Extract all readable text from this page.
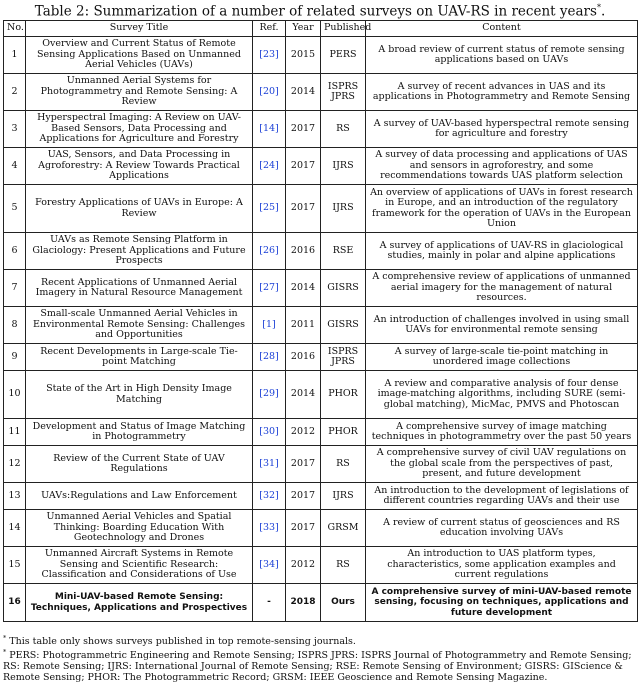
Table 2: Summarization of a number of related surveys on UAV-RS in recent years*.
No.	Survey Title	Ref.	Year	Published	Content
1	Overview and Current Status of Remote Sensing Applications Based on Unmanned Aerial Vehicles (UAVs)	[23]	2015	PERS	A broad review of current status of remote sensing applications based on UAVs
2	Unmanned Aerial Systems for Photogrammetry and Remote Sensing: A Review	[20]	2014	ISPRS JPRS	A survey of recent advances in UAS and its applications in Photogrammetry and Remote Sensing
3	Hyperspectral Imaging: A Review on UAV-Based Sensors, Data Processing and Applications for Agriculture and Forestry	[14]	2017	RS	A survey of UAV-based hyperspectral remote sensing for agriculture and forestry
4	UAS, Sensors, and Data Processing in Agroforestry: A Review Towards Practical Applications	[24]	2017	IJRS	A survey of data processing and applications of UAS and sensors in agroforestry, and some recommendations towards UAS platform selection
5	Forestry Applications of UAVs in Europe: A Review	[25]	2017	IJRS	An overview of applications of UAVs in forest research in Europe, and an introduction of the regulatory framework for the operation of UAVs in the European Union
6	UAVs as Remote Sensing Platform in Glaciology: Present Applications and Future Prospects	[26]	2016	RSE	A survey of applications of UAV-RS in glaciological studies, mainly in polar and alpine applications
7	Recent Applications of Unmanned Aerial Imagery in Natural Resource Management	[27]	2014	GISRS	A comprehensive review of applications of unmanned aerial imagery for the management of natural resources.
8	Small-scale Unmanned Aerial Vehicles in Environmental Remote Sensing: Challenges and Opportunities	[1]	2011	GISRS	An introduction of challenges involved in using small UAVs for environmental remote sensing
9	Recent Developments in Large-scale Tie-point Matching	[28]	2016	ISPRS JPRS	A survey of large-scale tie-point matching in unordered image collections
10	State of the Art in High Density Image Matching	[29]	2014	PHOR	A review and comparative analysis of four dense image-matching algorithms, including SURE (semi-global matching), MicMac, PMVS and Photoscan
11	Development and Status of Image Matching in Photogrammetry	[30]	2012	PHOR	A comprehensive survey of image matching techniques in photogrammetry over the past 50 years
12	Review of the Current State of UAV Regulations	[31]	2017	RS	A comprehensive survey of civil UAV regulations on the global scale from the perspectives of past, present, and future development
13	UAVs:Regulations and Law Enforcement	[32]	2017	IJRS	An introduction to the development of legislations of different countries regarding UAVs and their use
14	Unmanned Aerial Vehicles and Spatial Thinking: Boarding Education With Geotechnology and Drones	[33]	2017	GRSM	A review of current status of geosciences and RS education involving UAVs
15	Unmanned Aircraft Systems in Remote Sensing and Scientific Research: Classification and Considerations of Use	[34]	2012	RS	An introduction to UAS platform types, characteristics, some application examples and current regulations
16	Mini-UAV-based Remote Sensing: Techniques, Applications and Prospectives	-	2018	Ours	A comprehensive survey of mini-UAV-based remote sensing, focusing on techniques, applications and future development

* This table only shows surveys published in top remote-sensing journals.

* PERS: Photogrammetric Engineering and Remote Sensing; ISPRS JPRS: ISPRS Journal of Photogrammetry and Remote Sensing; RS: Remote Sensing; IJRS: International Journal of Remote Sensing; RSE: Remote Sensing of Environment; GISRS: GIScience & Remote Sensing; PHOR: The Photogrammetric Record; GRSM: IEEE Geoscience and Remote Sensing Magazine.
